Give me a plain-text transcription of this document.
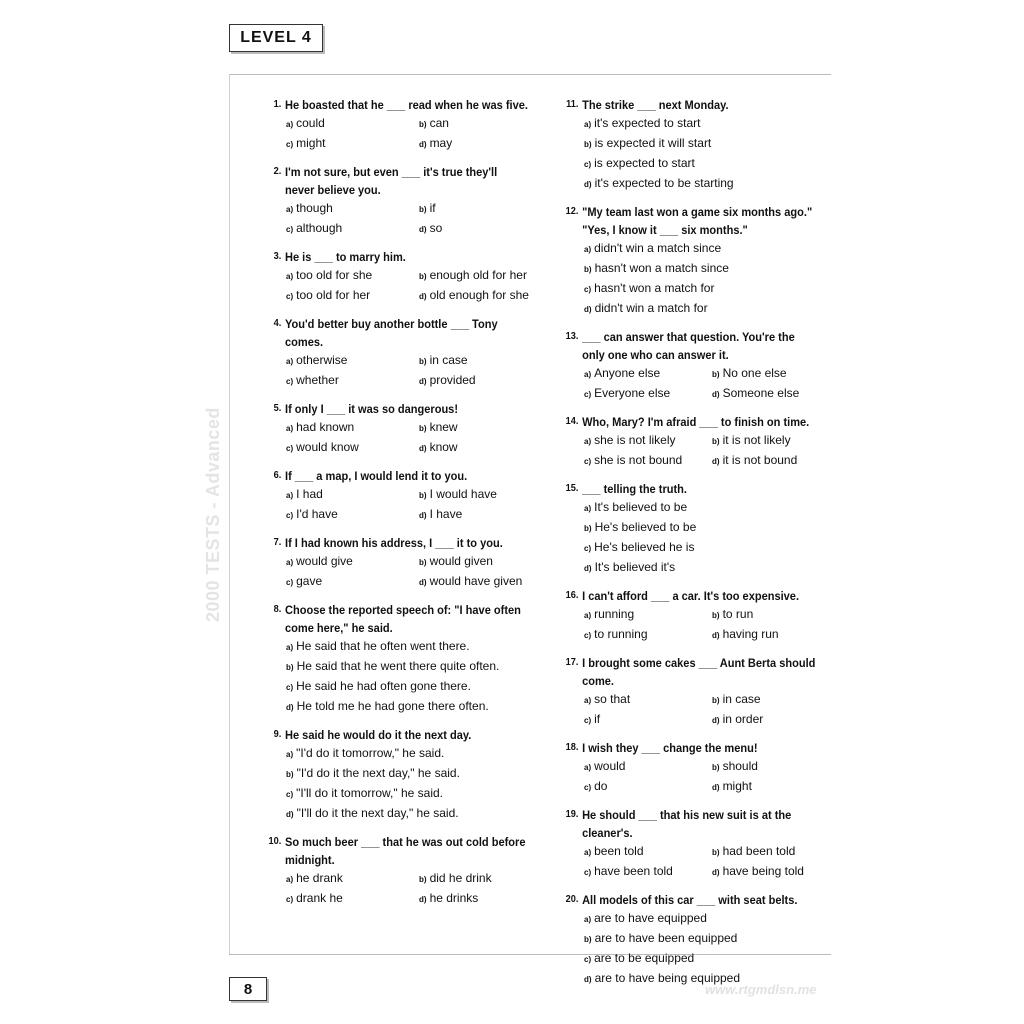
LEVEL 4
2000 TESTS - Advanced
1. He boasted that he ___ read when he was five.
a) could	b) can
c) might	d) may
2. I'm not sure, but even ___ it's true they'll never believe you.
a) though	b) if
c) although	d) so
3. He is ___ to marry him.
a) too old for she	b) enough old for her
c) too old for her	d) old enough for she
4. You'd better buy another bottle ___ Tony comes.
a) otherwise	b) in case
c) whether	d) provided
5. If only I ___ it was so dangerous!
a) had known	b) knew
c) would know	d) know
6. If ___ a map, I would lend it to you.
a) I had	b) I would have
c) I'd have	d) I have
7. If I had known his address, I ___ it to you.
a) would give	b) would given
c) gave	d) would have given
8. Choose the reported speech of: "I have often come here," he said.
a) He said that he often went there.
b) He said that he went there quite often.
c) He said he had often gone there.
d) He told me he had gone there often.
9. He said he would do it the next day.
a) "I'd do it tomorrow," he said.
b) "I'd do it the next day," he said.
c) "I'll do it tomorrow," he said.
d) "I'll do it the next day," he said.
10. So much beer ___ that he was out cold before midnight.
a) he drank	b) did he drink
c) drank he	d) he drinks
11. The strike ___ next Monday.
a) it's expected to start
b) is expected it will start
c) is expected to start
d) it's expected to be starting
12. "My team last won a game six months ago." "Yes, I know it ___ six months."
a) didn't win a match since
b) hasn't won a match since
c) hasn't won a match for
d) didn't win a match for
13. ___ can answer that question. You're the only one who can answer it.
a) Anyone else	b) No one else
c) Everyone else	d) Someone else
14. Who, Mary? I'm afraid ___ to finish on time.
a) she is not likely	b) it is not likely
c) she is not bound	d) it is not bound
15. ___ telling the truth.
a) It's believed to be
b) He's believed to be
c) He's believed he is
d) It's believed it's
16. I can't afford ___ a car. It's too expensive.
a) running	b) to run
c) to running	d) having run
17. I brought some cakes ___ Aunt Berta should come.
a) so that	b) in case
c) if	d) in order
18. I wish they ___ change the menu!
a) would	b) should
c) do	d) might
19. He should ___ that his new suit is at the cleaner's.
a) been told	b) had been told
c) have been told	d) have being told
20. All models of this car ___ with seat belts.
a) are to have equipped
b) are to have been equipped
c) are to be equipped
d) are to have being equipped
8	www.rtgmdlsn.me
